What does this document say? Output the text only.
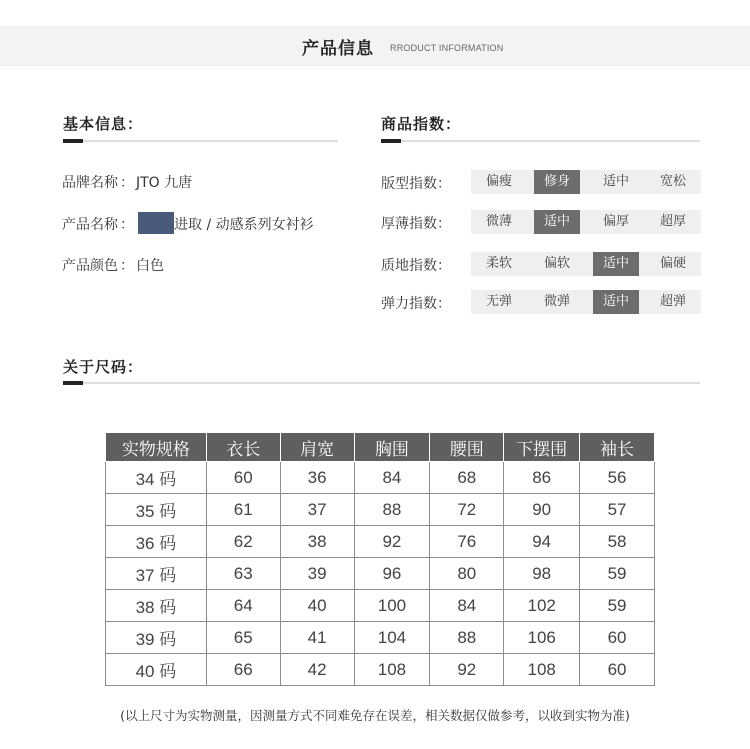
产品信息 RRODUCT INFORMATION
基本信息：
品牌名称 ： JTO 九唐
产品名称 ：	进取 / 动感系列女衬衫
产品颜色 ： 白色
商品指数：
版型指数：	偏瘦	修身	适中	宽松
厚薄指数：	微薄	适中	偏厚	超厚
质地指数：	柔软	偏软	适中	偏硬
弹力指数：	无弹	微弹	适中	超弹
关于尺码：
实物规格	衣长	肩宽	胸围	腰围	下摆围	袖长
34 码	60	36	84	68	86	56
35 码	61	37	88	72	90	57
36 码	62	38	92	76	94	58
37 码	63	39	96	80	98	59
38 码	64	40	100	84	102	59
39 码	65	41	104	88	106	60
40 码	66	42	108	92	108	60
(以上尺寸为实物测量，因测量方式不同难免存在误差，相关数据仅做参考，以收到实物为准)
